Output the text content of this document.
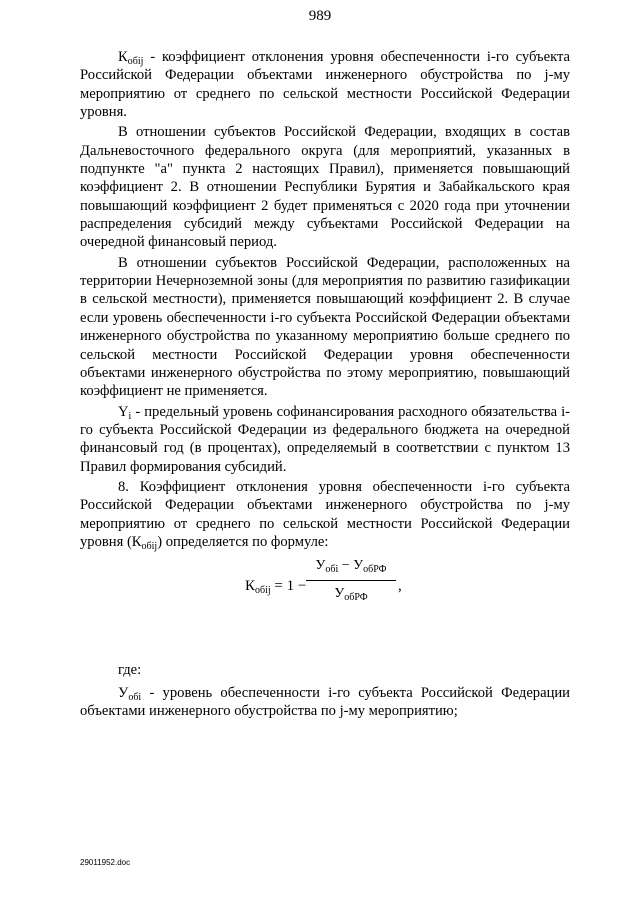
989

$К_{обij}$ - коэффициент отклонения уровня обеспеченности i-го субъекта Российской Федерации объектами инженерного обустройства по j-му мероприятию от среднего по сельской местности Российской Федерации уровня.

В отношении субъектов Российской Федерации, входящих в состав Дальневосточного федерального округа (для мероприятий, указанных в подпункте "а" пункта 2 настоящих Правил), применяется повышающий коэффициент 2. В отношении Республики Бурятия и Забайкальского края повышающий коэффициент 2 будет применяться с 2020 года при уточнении распределения субсидий между субъектами Российской Федерации на очередной финансовый период.

В отношении субъектов Российской Федерации, расположенных на территории Нечерноземной зоны (для мероприятия по развитию газификации в сельской местности), применяется повышающий коэффициент 2. В случае если уровень обеспеченности i-го субъекта Российской Федерации объектами инженерного обустройства по указанному мероприятию больше среднего по сельской местности Российской Федерации уровня обеспеченности объектами инженерного обустройства по этому мероприятию, повышающий коэффициент не применяется.

$Y_i$ - предельный уровень софинансирования расходного обязательства i-го субъекта Российской Федерации из федерального бюджета на очередной финансовый год (в процентах), определяемый в соответствии с пунктом 13 Правил формирования субсидий.

8. Коэффициент отклонения уровня обеспеченности i-го субъекта Российской Федерации объектами инженерного обустройства по j-му мероприятию от среднего по сельской местности Российской Федерации уровня $(К_{обij})$ определяется по формуле:

$К_{обij} = 1$ −
$У_{обi} - У_{обРФ}$
$У_{обРФ}$
,

где:

$У_{обi}$ - уровень обеспеченности i-го субъекта Российской Федерации объектами инженерного обустройства по j-му мероприятию;

29011952.doc
